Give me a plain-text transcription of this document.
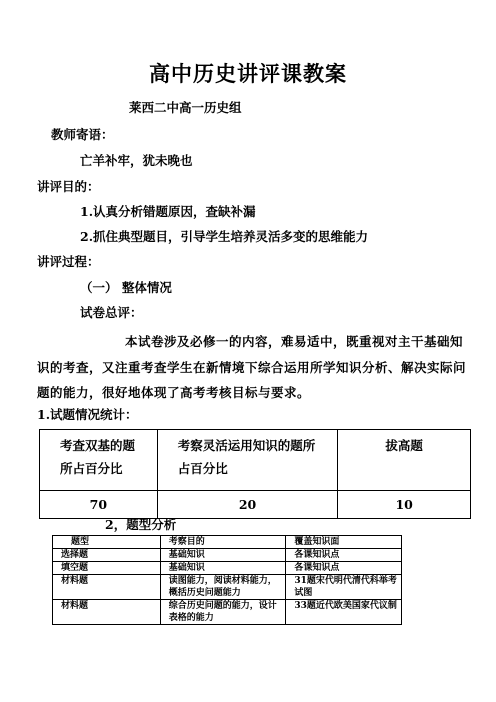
高中历史讲评课教案
莱西二中高一历史组
教师寄语：
亡羊补牢，犹未晚也
讲评目的：
1.认真分析错题原因，查缺补漏
2.抓住典型题目，引导学生培养灵活多变的思维能力
讲评过程：
（一） 整体情况
试卷总评：
本试卷涉及必修一的内容，难易适中，既重视对主干基础知识的考查，又注重考查学生在新情境下综合运用所学知识分析、解决实际问题的能力，很好地体现了高考考核目标与要求。
1.试题情况统计：
考查双基的题所占百分比	考察灵活运用知识的题所占百分比	拔高题
70	20	10
2，题型分析
题型	考察目的	覆盖知识面
选择题	基础知识	各课知识点
填空题	基础知识	各课知识点
材料题	读图能力，阅读材料能力，概括历史问题能力	31题宋代明代清代科举考试图
材料题	综合历史问题的能力，设计表格的能力	33题近代欧美国家代议制
